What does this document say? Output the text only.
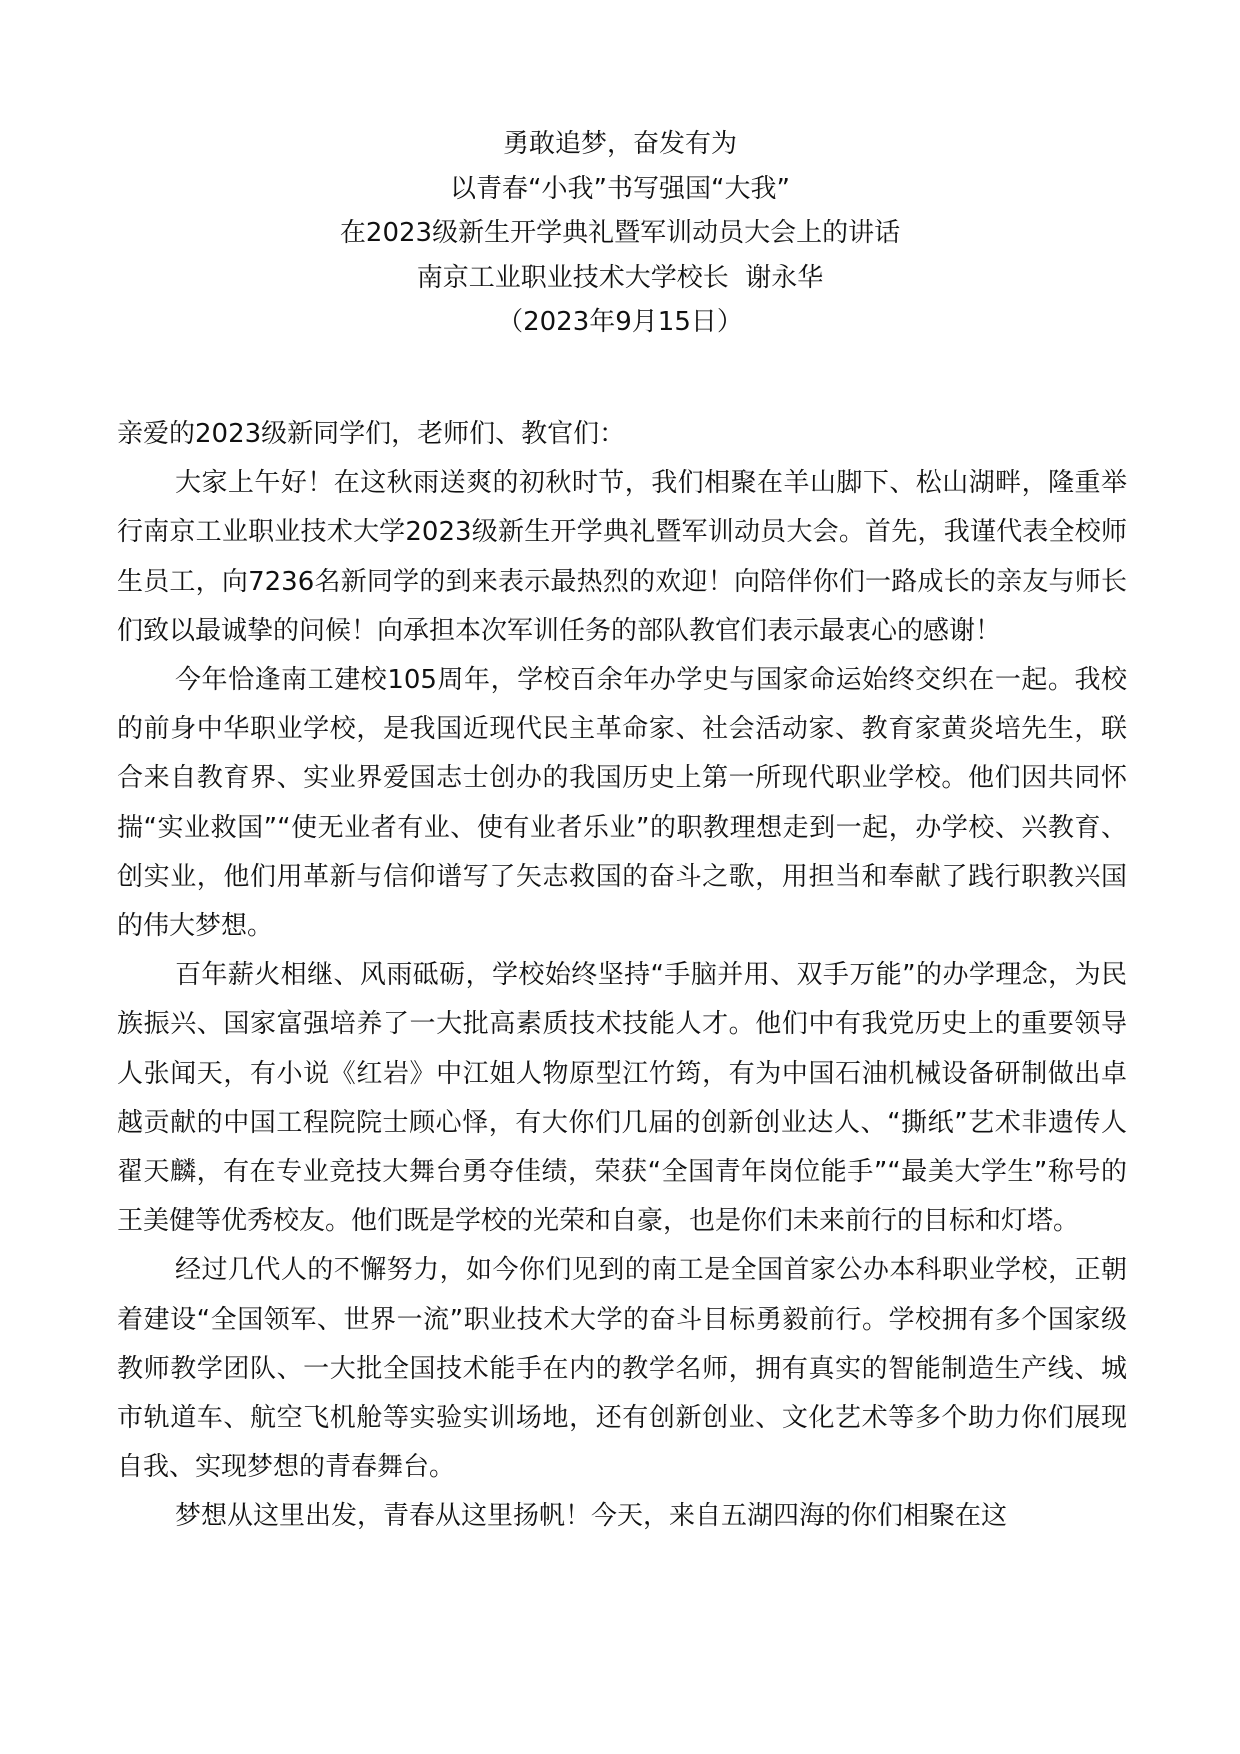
勇敢追梦，奋发有为
以青春“小我”书写强国“大我”
在2023级新生开学典礼暨军训动员大会上的讲话
南京工业职业技术大学校长  谢永华
（2023年9月15日）

亲爱的2023级新同学们，老师们、教官们：

大家上午好！在这秋雨送爽的初秋时节，我们相聚在羊山脚下、松山湖畔，隆重举行南京工业职业技术大学2023级新生开学典礼暨军训动员大会。首先，我谨代表全校师生员工，向7236名新同学的到来表示最热烈的欢迎！向陪伴你们一路成长的亲友与师长们致以最诚挚的问候！向承担本次军训任务的部队教官们表示最衷心的感谢！

今年恰逢南工建校105周年，学校百余年办学史与国家命运始终交织在一起。我校的前身中华职业学校，是我国近现代民主革命家、社会活动家、教育家黄炎培先生，联合来自教育界、实业界爱国志士创办的我国历史上第一所现代职业学校。他们因共同怀揣“实业救国”“使无业者有业、使有业者乐业”的职教理想走到一起，办学校、兴教育、创实业，他们用革新与信仰谱写了矢志救国的奋斗之歌，用担当和奉献了践行职教兴国的伟大梦想。

百年薪火相继、风雨砥砺，学校始终坚持“手脑并用、双手万能”的办学理念，为民族振兴、国家富强培养了一大批高素质技术技能人才。他们中有我党历史上的重要领导人张闻天，有小说《红岩》中江姐人物原型江竹筠，有为中国石油机械设备研制做出卓越贡献的中国工程院院士顾心怿，有大你们几届的创新创业达人、“撕纸”艺术非遗传人翟天麟，有在专业竞技大舞台勇夺佳绩，荣获“全国青年岗位能手”“最美大学生”称号的王美健等优秀校友。他们既是学校的光荣和自豪，也是你们未来前行的目标和灯塔。

经过几代人的不懈努力，如今你们见到的南工是全国首家公办本科职业学校，正朝着建设“全国领军、世界一流”职业技术大学的奋斗目标勇毅前行。学校拥有多个国家级教师教学团队、一大批全国技术能手在内的教学名师，拥有真实的智能制造生产线、城市轨道车、航空飞机舱等实验实训场地，还有创新创业、文化艺术等多个助力你们展现自我、实现梦想的青春舞台。

梦想从这里出发，青春从这里扬帆！今天，来自五湖四海的你们相聚在这
